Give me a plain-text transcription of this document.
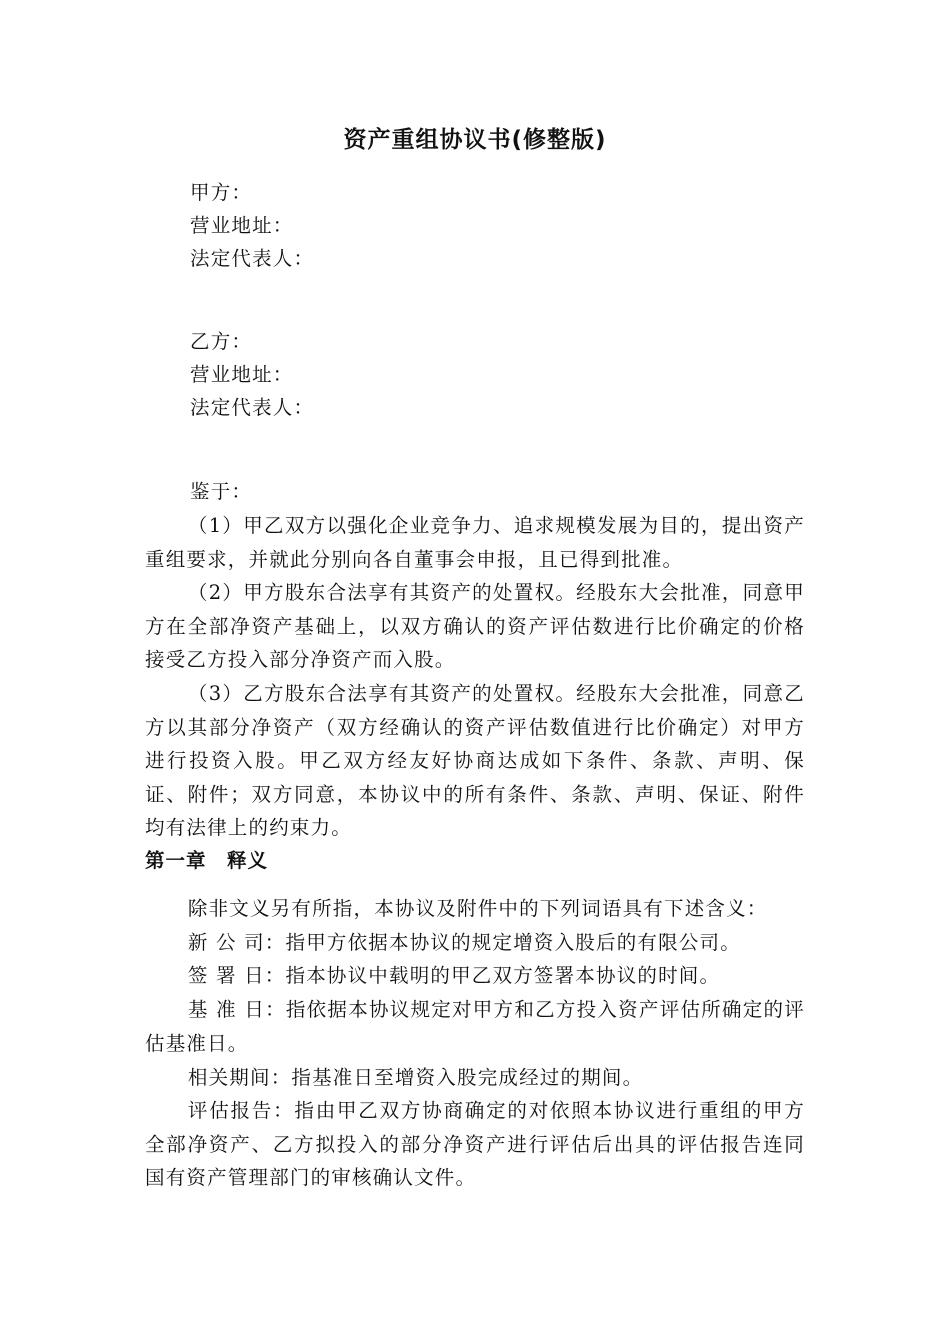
资产重组协议书(修整版)
甲方：
营业地址：
法定代表人：
乙方：
营业地址：
法定代表人：
鉴于：
（1）甲乙双方以强化企业竞争力、追求规模发展为目的，提出资产重组要求，并就此分别向各自董事会申报，且已得到批准。
（2）甲方股东合法享有其资产的处置权。经股东大会批准，同意甲方在全部净资产基础上，以双方确认的资产评估数进行比价确定的价格接受乙方投入部分净资产而入股。
（3）乙方股东合法享有其资产的处置权。经股东大会批准，同意乙方以其部分净资产（双方经确认的资产评估数值进行比价确定）对甲方进行投资入股。甲乙双方经友好协商达成如下条件、条款、声明、保证、附件；双方同意，本协议中的所有条件、条款、声明、保证、附件均有法律上的约束力。
第一章　释义
除非文义另有所指，本协议及附件中的下列词语具有下述含义：
新 公 司：指甲方依据本协议的规定增资入股后的有限公司。
签 署 日：指本协议中载明的甲乙双方签署本协议的时间。
基 准 日：指依据本协议规定对甲方和乙方投入资产评估所确定的评估基准日。
相关期间：指基准日至增资入股完成经过的期间。
评估报告：指由甲乙双方协商确定的对依照本协议进行重组的甲方全部净资产、乙方拟投入的部分净资产进行评估后出具的评估报告连同国有资产管理部门的审核确认文件。
